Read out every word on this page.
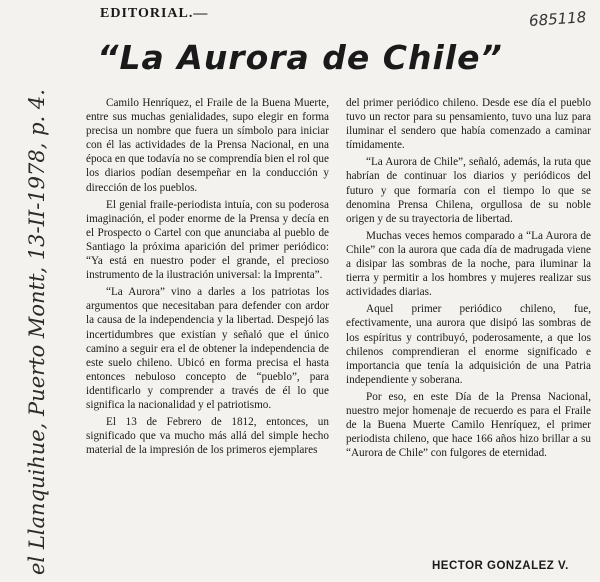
EDITORIAL.—	685118
“La Aurora de Chile”
el Llanquihue, Puerto Montt, 13-II-1978, p. 4.	Camilo Henríquez, el Fraile de la Buena Muerte, entre sus muchas genialidades, supo elegir en forma precisa un nombre que fuera un símbolo para iniciar con él las actividades de la Prensa Nacional, en una época en que todavía no se comprendía bien el rol que los diarios podían desempeñar en la conducción y dirección de los pueblos.

El genial fraile-periodista intuía, con su poderosa imaginación, el poder enorme de la Prensa y decía en el Prospecto o Cartel con que anunciaba al pueblo de Santiago la próxima aparición del primer periódico: “Ya está en nuestro poder el grande, el precioso instrumento de la ilustración universal: la Imprenta”.

“La Aurora” vino a darles a los patriotas los argumentos que necesitaban para defender con ardor la causa de la independencia y la libertad. Despejó las incertidumbres que existían y señaló que el único camino a seguir era el de obtener la independencia de este suelo chileno. Ubicó en forma precisa el hasta entonces nebuloso concepto de “pueblo”, para identificarlo y comprender a través de él lo que significa la nacionalidad y el patriotismo.

El 13 de Febrero de 1812, entonces, un significado que va mucho más allá del simple hecho material de la impresión de los primeros ejemplares

del primer periódico chileno. Desde ese día el pueblo tuvo un rector para su pensamiento, tuvo una luz para iluminar el sendero que había comenzado a caminar tímidamente.

“La Aurora de Chile”, señaló, además, la ruta que habrían de continuar los diarios y periódicos del futuro y que formaría con el tiempo lo que se denomina Prensa Chilena, orgullosa de su noble origen y de su trayectoria de libertad.

Muchas veces hemos comparado a “La Aurora de Chile” con la aurora que cada día de madrugada viene a disipar las sombras de la noche, para iluminar la tierra y permitir a los hombres y mujeres realizar sus actividades diarias.

Aquel primer periódico chileno, fue, efectivamente, una aurora que disipó las sombras de los espíritus y contribuyó, poderosamente, a que los chilenos comprendieran el enorme significado e importancia que tenía la adquisición de una Patria independiente y soberana.

Por eso, en este Día de la Prensa Nacional, nuestro mejor homenaje de recuerdo es para el Fraile de la Buena Muerte Camilo Henríquez, el primer periodista chileno, que hace 166 años hizo brillar a su “Aurora de Chile” con fulgores de eternidad.

HECTOR GONZALEZ V.
